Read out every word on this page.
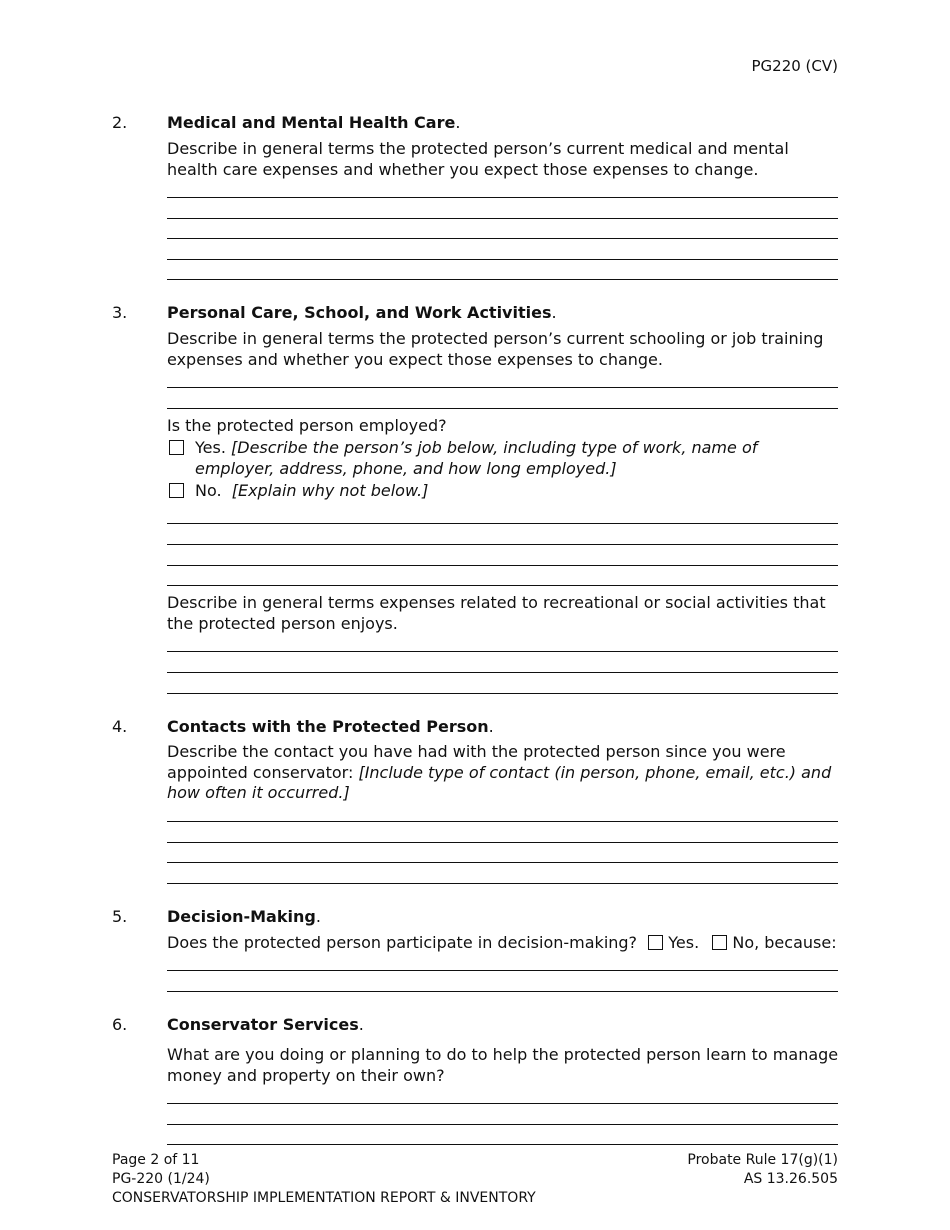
PG220 (CV)
2.	Medical and Mental Health Care.
Describe in general terms the protected person’s current medical and mental health care expenses and whether you expect those expenses to change.
3.	Personal Care, School, and Work Activities.
Describe in general terms the protected person’s current schooling or job training expenses and whether you expect those expenses to change.
Is the protected person employed?
Yes. [Describe the person’s job below, including type of work, name of employer, address, phone, and how long employed.]
No. [Explain why not below.]
Describe in general terms expenses related to recreational or social activities that the protected person enjoys.
4.	Contacts with the Protected Person.
Describe the contact you have had with the protected person since you were appointed conservator: [Include type of contact (in person, phone, email, etc.) and how often it occurred.]
5.	Decision-Making.
Does the protected person participate in decision-making? Yes. No, because:
6.	Conservator Services.
What are you doing or planning to do to help the protected person learn to manage money and property on their own?
Page 2 of 11
PG-220 (1/24)
CONSERVATORSHIP IMPLEMENTATION REPORT & INVENTORY
Probate Rule 17(g)(1)
AS 13.26.505
